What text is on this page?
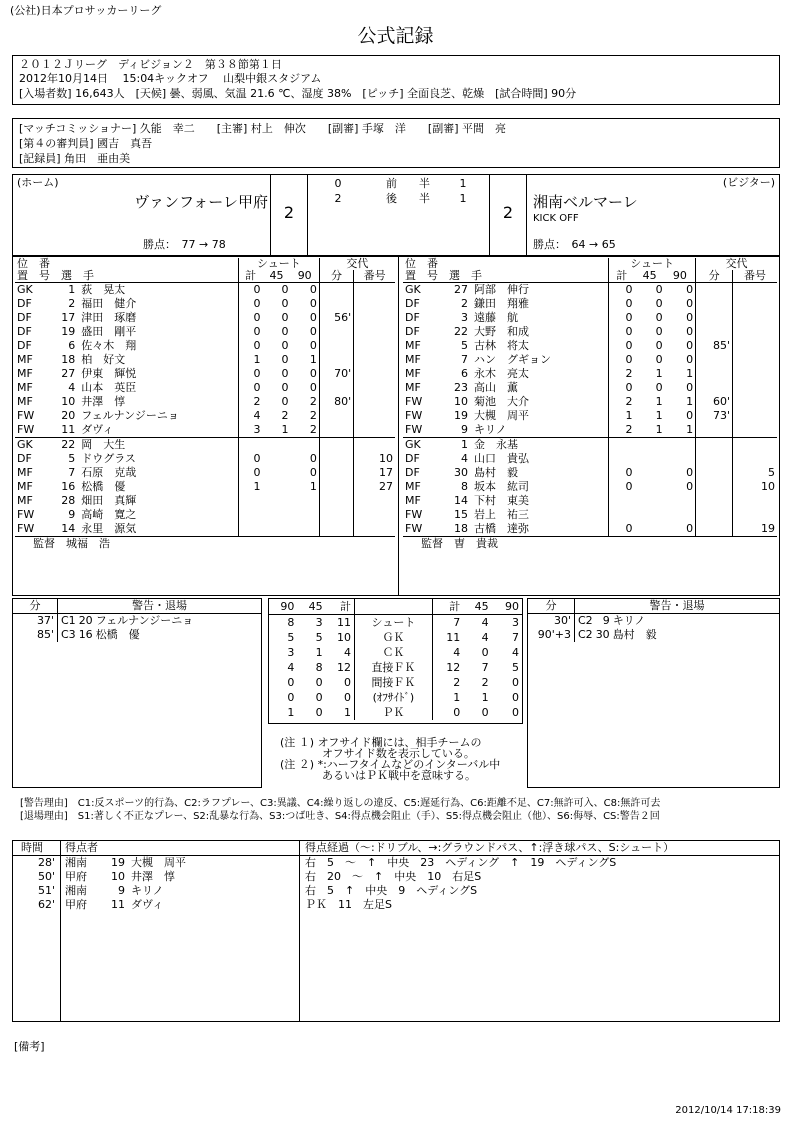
(公社)日本プロサッカーリーグ
公式記録
２０１２Ｊリーグ　ディビジョン２　第３８節第１日
2012年10月14日　 15:04キックオフ　 山梨中銀スタジアム
[入場者数] 16,643人　[天候] 曇、弱風、気温 21.6 ℃、湿度 38%　[ピッチ] 全面良芝、乾燥　[試合時間] 90分
[マッチコミッショナー] 久能　幸二　　[主審] 村上　伸次　　[副審] 手塚　洋　　[副審] 平間　亮
[第４の審判員] 國吉　真吾
[記録員] 角田　亜由美
(ホーム)
ヴァンフォーレ甲府
勝点：　77 → 78
2
0	前　　半	1
2	後　　半	1
2
(ビジター)
湘南ベルマーレ
KICK OFF
勝点：　64 → 65
位　番			シュート			交代	
置　号　選　手			計	45	90	分	番号
GK	1	荻　晃太	0	0	0		
DF	2	福田　健介	0	0	0		
DF	17	津田　琢磨	0	0	0	56'	
DF	19	盛田　剛平	0	0	0		
DF	6	佐々木　翔	0	0	0		
MF	18	柏　好文	1	0	1		
MF	27	伊東　輝悦	0	0	0	70'	
MF	4	山本　英臣	0	0	0		
MF	10	井澤　惇	2	0	2	80'	
FW	20	フェルナンジーニョ	4	2	2		
FW	11	ダヴィ	3	1	2		
GK	22	岡　大生					
DF	5	ドウグラス	0		0		10
MF	7	石原　克哉	0		0		17
MF	16	松橋　優	1		1		27
MF	28	畑田　真輝					
FW	9	高崎　寛之					
FW	14	永里　源気					
監督　城福　浩							
位　番			シュート			交代	
置　号　選　手			計	45	90	分	番号
GK	27	阿部　伸行	0	0	0		
DF	2	鎌田　翔雅	0	0	0		
DF	3	遠藤　航	0	0	0		
DF	22	大野　和成	0	0	0		
MF	5	古林　将太	0	0	0	85'	
MF	7	ハン　グギョン	0	0	0		
MF	6	永木　亮太	2	1	1		
MF	23	高山　薫	0	0	0		
FW	10	菊池　大介	2	1	1	60'	
FW	19	大槻　周平	1	1	0	73'	
FW	9	キリノ	2	1	1		
GK	1	金　永基					
DF	4	山口　貴弘					
DF	30	島村　毅	0		0		5
MF	8	坂本　紘司	0		0		10
MF	14	下村　東美					
FW	15	岩上　祐三					
FW	18	古橋　達弥	0		0		19
監督　曺　貴裁							
分	警告・退場
37'	C1 20 フェルナンジーニョ
85'	C3 16 松橋　優
90	45	計		計	45	90
8	3	11	シュート	7	4	3
5	5	10	ＧＫ	11	4	7
3	1	4	ＣＫ	4	0	4
4	8	12	直接ＦＫ	12	7	5
0	0	0	間接ＦＫ	2	2	0
0	0	0	(ｵﾌｻｲﾄﾞ)	1	1	0
1	0	1	ＰＫ	0	0	0
分	警告・退場
30'	C2 9 キリノ
90'+3	C2 30 島村　毅
(注 １) オフサイド欄には、相手チームの
オフサイド数を表示している。
(注 ２) *:ハーフタイムなどのインターバル中
あるいはＰＫ戦中を意味する。
[警告理由]　C1:反スポーツ的行為、C2:ラフプレー、C3:異議、C4:繰り返しの違反、C5:遅延行為、C6:距離不足、C7:無許可入、C8:無許可去
[退場理由]　S1:著しく不正なプレー、S2:乱暴な行為、S3:つば吐き、S4:得点機会阻止（手）、S5:得点機会阻止（他）、S6:侮辱、CS:警告２回
時間 得点者	得点経過（〜:ドリブル、→:グラウンドパス、↑:浮き球パス、S:シュート）
28' 湘南	19 大槻　周平	右　5　〜　↑　中央　23　ヘディング　↑　19　ヘディングS
50' 甲府	10 井澤　惇	右　20　〜　↑　中央　10　右足S
51' 湘南	9 キリノ	右　5　↑　中央　9　ヘディングS
62' 甲府	11 ダヴィ	ＰＫ　11　左足S
[備考]
2012/10/14 17:18:39
